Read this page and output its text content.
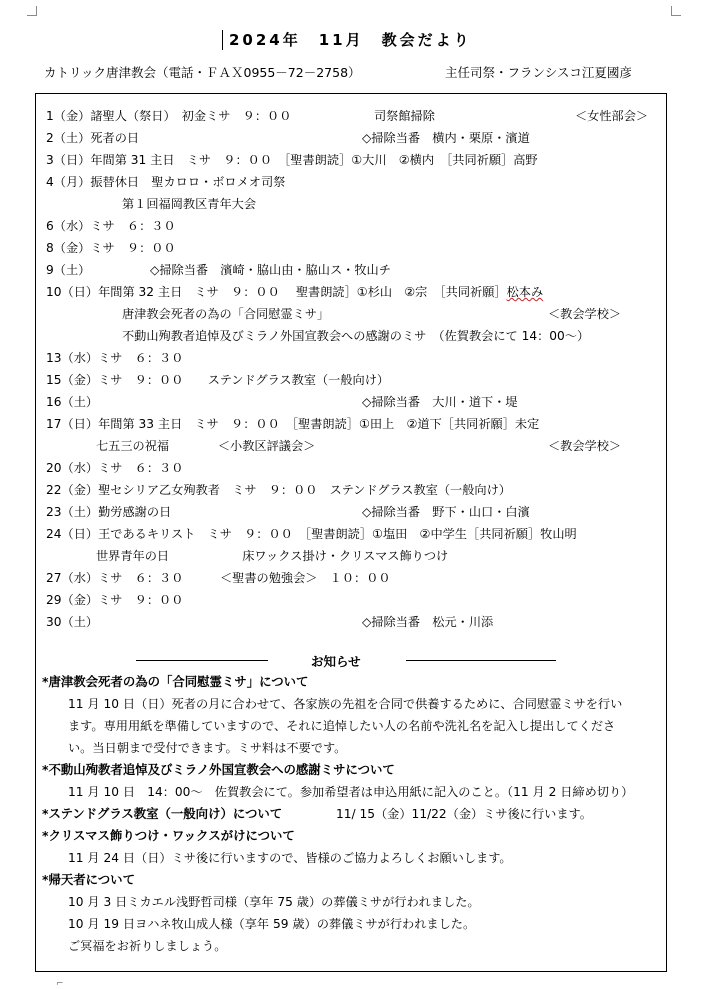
2024年　11月　教会だより
カトリック唐津教会（電話・ＦＡＸ0955－72－2758）	主任司祭・フランシスコ江夏國彦
1（金）諸聖人（祭日）　初金ミサ　９：００	司祭館掃除	＜女性部会＞
2（土）死者の日	◇掃除当番　横内・栗原・濱道
3（日）年間第 31 主日　ミサ　９：００　［聖書朗読］①大川　②横内　［共同祈願］高野
4（月）振替休日　聖カロロ・ボロメオ司祭
第１回福岡教区青年大会
6（水）ミサ　６：３０
8（金）ミサ　９：００
9（土）	◇掃除当番　濱崎・脇山由・脇山ス・牧山チ
10（日）年間第 32 主日　ミサ　９：００　 聖書朗読］①杉山　②宗　［共同祈願］松本み
唐津教会死者の為の「合同慰霊ミサ」	＜教会学校＞
不動山殉教者追悼及びミラノ外国宣教会への感謝のミサ　（佐賀教会にて 14：00～）
13（水）ミサ　６：３０
15（金）ミサ　９：００　　ステンドグラス教室（一般向け）
16（土）	◇掃除当番　大川・道下・堤
17（日）年間第 33 主日　ミサ　９：００　［聖書朗読］①田上　②道下［共同祈願］未定
七五三の祝福　　　　＜小教区評議会＞	＜教会学校＞
20（水）ミサ　６：３０
22（金）聖セシリア乙女殉教者　ミサ　９：００　ステンドグラス教室（一般向け）
23（土）勤労感謝の日	◇掃除当番　野下・山口・白濱
24（日）王であるキリスト　ミサ　９：００　［聖書朗読］①塩田　②中学生［共同祈願］牧山明
世界青年の日　　　　　　床ワックス掛け・クリスマス飾りつけ
27（水）ミサ　６：３０　　　＜聖書の勉強会＞　１０：００
29（金）ミサ　９：００
30（土）	◇掃除当番　松元・川添
お知らせ
*唐津教会死者の為の「合同慰霊ミサ」について
11 月 10 日（日）死者の月に合わせて、各家族の先祖を合同で供養するために、合同慰霊ミサを行い
ます。専用用紙を準備していますので、それに追悼したい人の名前や洗礼名を記入し提出してくださ
い。当日朝まで受付できます。ミサ料は不要です。
*不動山殉教者追悼及びミラノ外国宣教会への感謝ミサについて
11 月 10 日　14：00～　佐賀教会にて。参加希望者は申込用紙に記入のこと。（11 月 2 日締め切り）
*ステンドグラス教室（一般向け）について	11/ 15（金）11/22（金）ミサ後に行います。
*クリスマス飾りつけ・ワックスがけについて
11 月 24 日（日）ミサ後に行いますので、皆様のご協力よろしくお願いします。
*帰天者について
10 月 3 日ミカエル浅野哲司様（享年 75 歳）の葬儀ミサが行われました。
10 月 19 日ヨハネ牧山成人様（享年 59 歳）の葬儀ミサが行われました。
ご冥福をお祈りしましょう。
⌐
